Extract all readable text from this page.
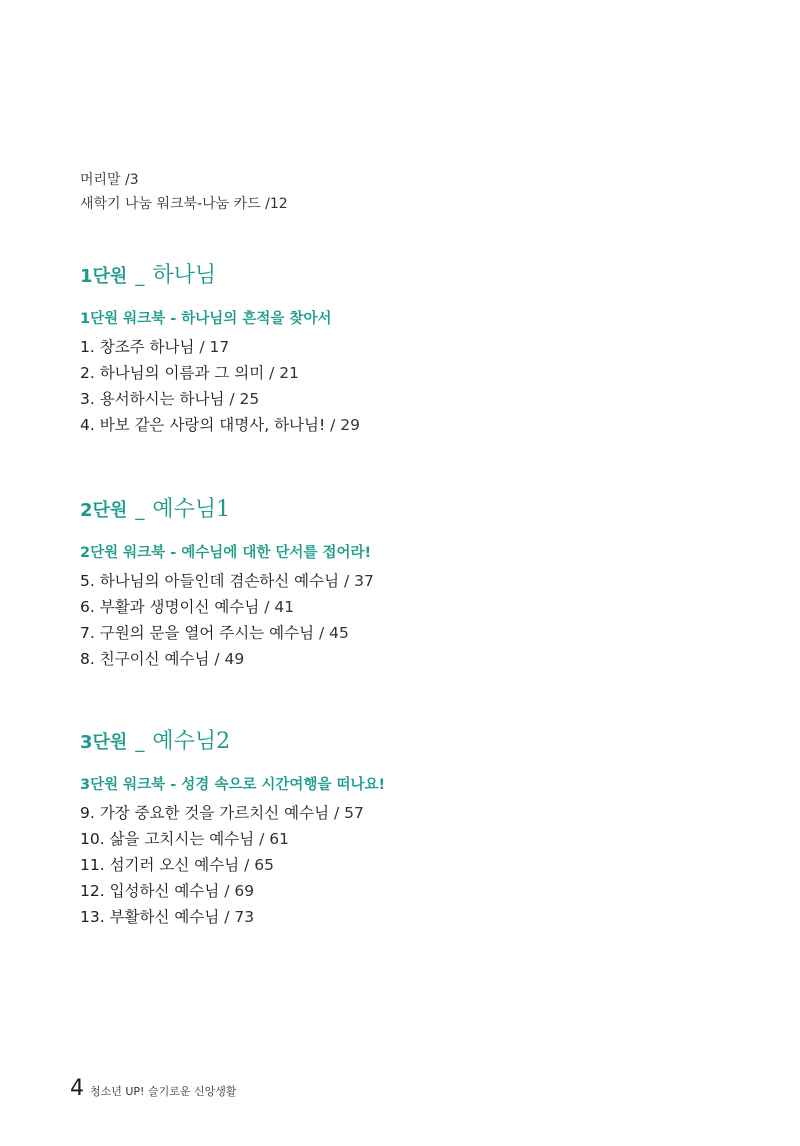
머리말 /3
새학기 나눔 워크북-나눔 카드 /12
1단원 _ 하나님
1단원 워크북 - 하나님의 흔적을 찾아서
1. 창조주 하나님 / 17
2. 하나님의 이름과 그 의미 / 21
3. 용서하시는 하나님 / 25
4. 바보 같은 사랑의 대명사, 하나님! / 29
2단원 _ 예수님1
2단원 워크북 - 예수님에 대한 단서를 접어라!
5. 하나님의 아들인데 겸손하신 예수님 / 37
6. 부활과 생명이신 예수님 / 41
7. 구원의 문을 열어 주시는 예수님 / 45
8. 친구이신 예수님 / 49
3단원 _ 예수님2
3단원 워크북 - 성경 속으로 시간여행을 떠나요!
9. 가장 중요한 것을 가르치신 예수님 / 57
10. 삶을 고치시는 예수님 / 61
11. 섬기러 오신 예수님 / 65
12. 입성하신 예수님 / 69
13. 부활하신 예수님 / 73
4 청소년 UP! 슬기로운 신앙생활
